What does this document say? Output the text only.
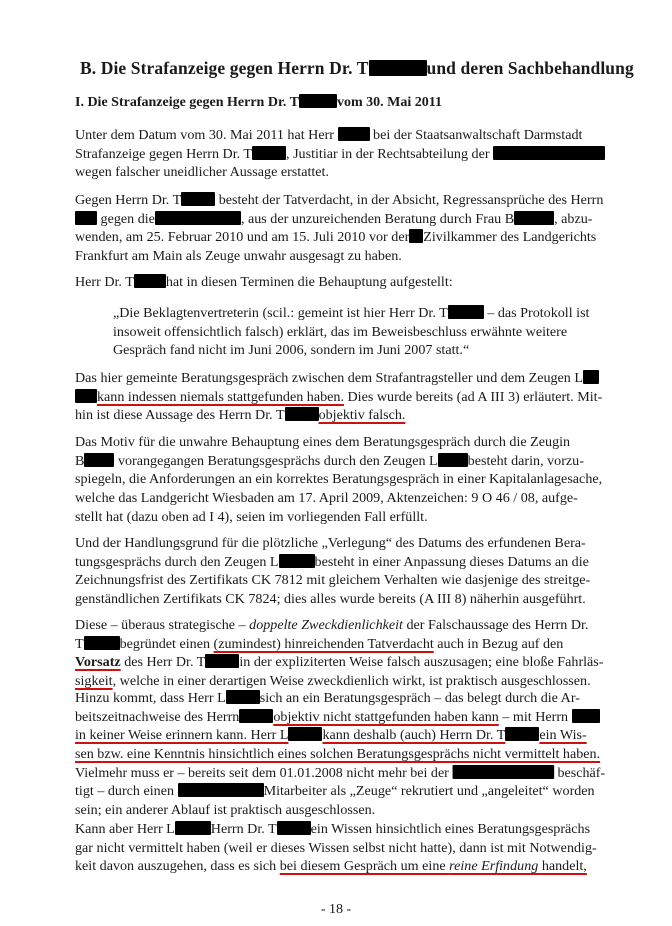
B. Die Strafanzeige gegen Herrn Dr. T	und deren Sachbehandlung
I. Die Strafanzeige gegen Herrn Dr. T	vom 30. Mai 2011
Unter dem Datum vom 30. Mai 2011 hat Herr	bei der Staatsanwaltschaft Darmstadt
Strafanzeige gegen Herrn Dr. T , Justitiar in der Rechtsabteilung der
wegen falscher uneidlicher Aussage erstattet.
Gegen Herrn Dr. T	besteht der Tatverdacht, in der Absicht, Regressansprüche des Herrn
gegen die	, aus der unzureichenden Beratung durch Frau B	, abzu-
wenden, am 25. Februar 2010 und am 15. Juli 2010 vor der Zivilkammer des Landgerichts
Frankfurt am Main als Zeuge unwahr ausgesagt zu haben.
Herr Dr. T hat in diesen Terminen die Behauptung aufgestellt:
„Die Beklagtenvertreterin (scil.: gemeint ist hier Herr Dr. T	– das Protokoll ist
insoweit offensichtlich falsch) erklärt, das im Beweisbeschluss erwähnte weitere
Gespräch fand nicht im Juni 2006, sondern im Juni 2007 statt.“
Das hier gemeinte Beratungsgespräch zwischen dem Strafantragsteller und dem Zeugen L
kann indessen niemals stattgefunden haben. Dies wurde bereits (ad A III 3) erläutert. Mit-
hin ist diese Aussage des Herrn Dr. T objektiv falsch.
Das Motiv für die unwahre Behauptung eines dem Beratungsgespräch durch die Zeugin
B vorangegangen Beratungsgesprächs durch den Zeugen L besteht darin, vorzu-
spiegeln, die Anforderungen an ein korrektes Beratungsgespräch in einer Kapitalanlagesache,
welche das Landgericht Wiesbaden am 17. April 2009, Aktenzeichen: 9 O 46 / 08, aufge-
stellt hat (dazu oben ad I 4), seien im vorliegenden Fall erfüllt.
Und der Handlungsgrund für die plötzliche „Verlegung“ des Datums des erfundenen Bera-
tungsgesprächs durch den Zeugen L	besteht in einer Anpassung dieses Datums an die
Zeichnungsfrist des Zertifikats CK 7812 mit gleichem Verhalten wie dasjenige des streitge-
genständlichen Zertifikats CK 7824; dies alles wurde bereits (A III 8) näherhin ausgeführt.
Diese – überaus strategische – doppelte Zweckdienlichkeit der Falschaussage des Herrn Dr.
T	begründet einen (zumindest) hinreichenden Tatverdacht auch in Bezug auf den
Vorsatz des Herr Dr. T in der expliziterten Weise falsch auszusagen; eine bloße Fahrläs-
sigkeit, welche in einer derartigen Weise zweckdienlich wirkt, ist praktisch ausgeschlossen.
Hinzu kommt, dass Herr L sich an ein Beratungsgespräch – das belegt durch die Ar-
beitszeitnachweise des Herrn objektiv nicht stattgefunden haben kann – mit Herrn
in keiner Weise erinnern kann. Herr L kann deshalb (auch) Herrn Dr. T ein Wis-
sen bzw. eine Kenntnis hinsichtlich eines solchen Beratungsgesprächs nicht vermittelt haben.
Vielmehr muss er – bereits seit dem 01.01.2008 nicht mehr bei der	beschäf-
tigt – durch einen	Mitarbeiter als „Zeuge“ rekrutiert und „angeleitet“ worden
sein; ein anderer Ablauf ist praktisch ausgeschlossen.
Kann aber Herr L	Herrn Dr. T ein Wissen hinsichtlich eines Beratungsgesprächs
gar nicht vermittelt haben (weil er dieses Wissen selbst nicht hatte), dann ist mit Notwendig-
keit davon auszugehen, dass es sich bei diesem Gespräch um eine reine Erfindung handelt,
- 18 -
